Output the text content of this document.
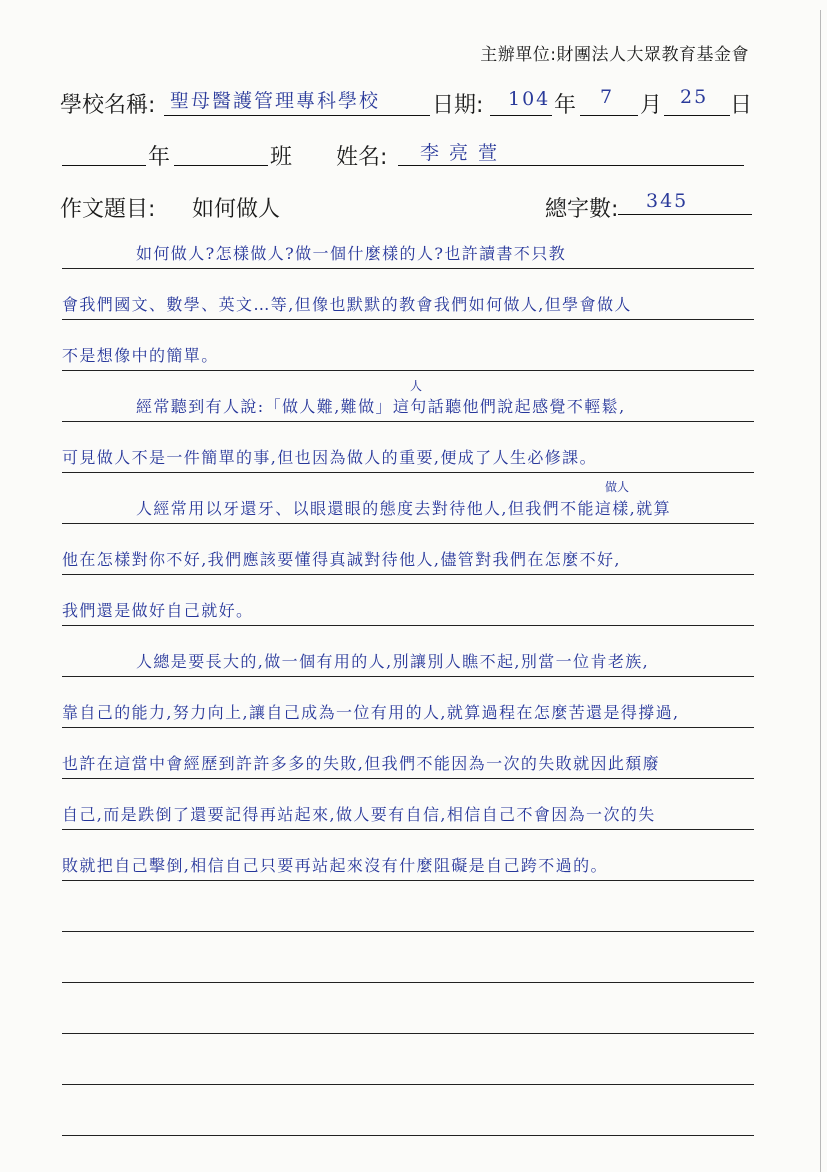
主辦單位:財團法人大眾教育基金會
學校名稱: 聖母醫護管理專科學校 日期: 104 年 7 月 25 日
年	班 姓名: 李亮萱
作文題目: 如何做人	總字數: 345
如何做人?怎樣做人?做一個什麼樣的人?也許讀書不只教
會我們國文、數學、英文…等,但像也默默的教會我們如何做人,但學會做人
不是想像中的簡單。
經常聽到有人說:「做人難,難做」這句話聽他們說起感覺不輕鬆,
可見做人不是一件簡單的事,但也因為做人的重要,便成了人生必修課。
人經常用以牙還牙、以眼還眼的態度去對待他人,但我們不能這樣,就算
他在怎樣對你不好,我們應該要懂得真誠對待他人,儘管對我們在怎麼不好,
我們還是做好自己就好。
人總是要長大的,做一個有用的人,別讓別人瞧不起,別當一位肯老族,
靠自己的能力,努力向上,讓自己成為一位有用的人,就算過程在怎麼苦還是得撐過,
也許在這當中會經歷到許許多多的失敗,但我們不能因為一次的失敗就因此頹廢
自己,而是跌倒了還要記得再站起來,做人要有自信,相信自己不會因為一次的失
敗就把自己擊倒,相信自己只要再站起來沒有什麼阻礙是自己跨不過的。
人
做人
